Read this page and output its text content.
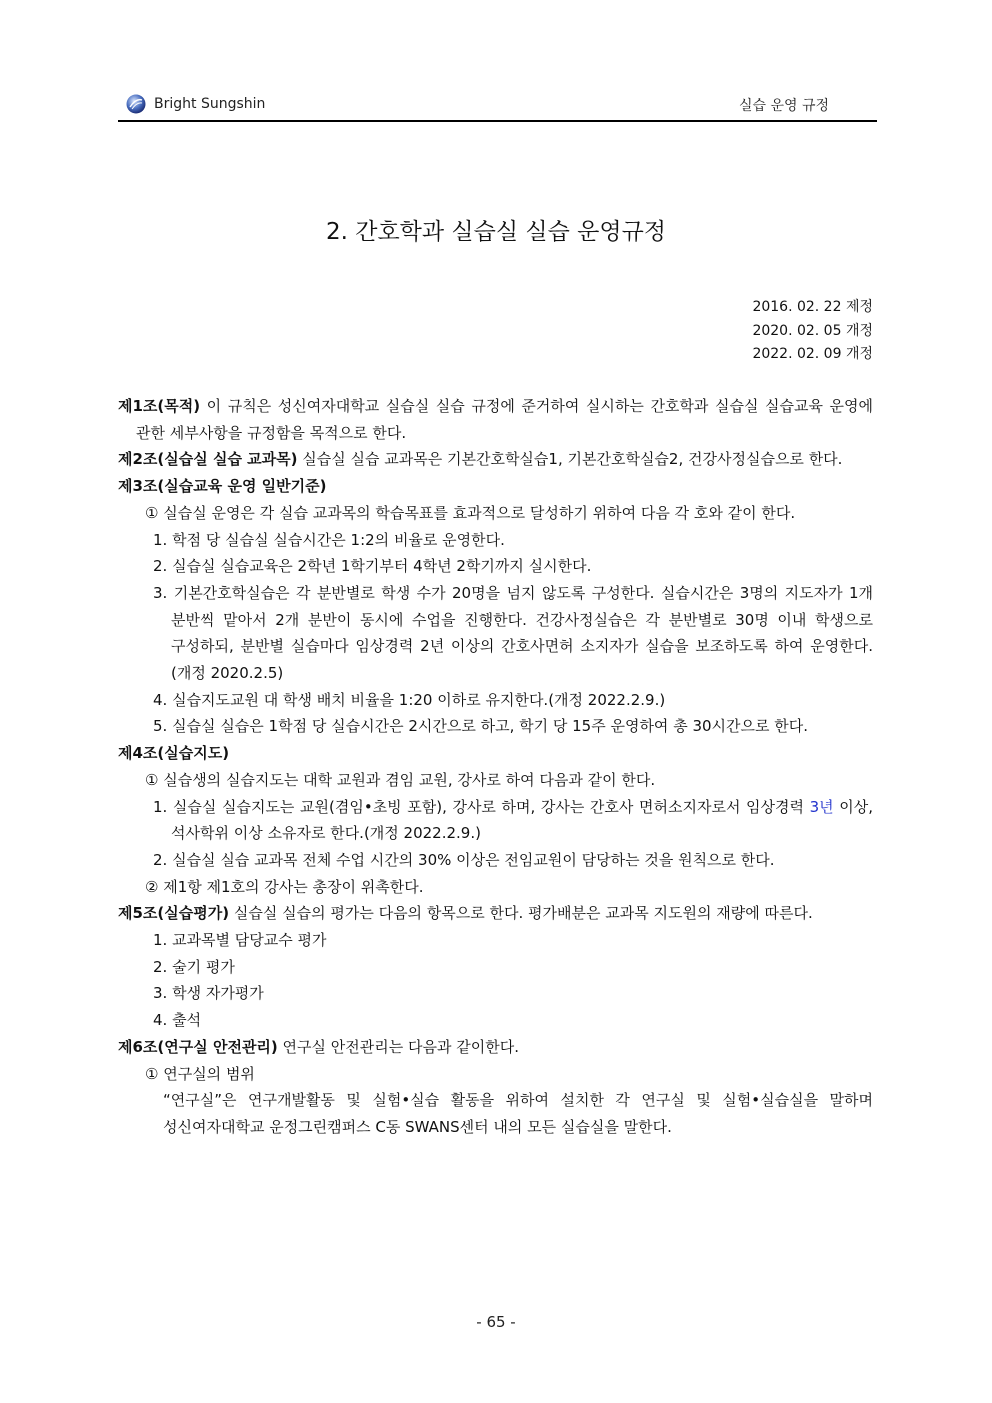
Bright Sungshin	실습 운영 규정
2. 간호학과 실습실 실습 운영규정
2016. 02. 22 제정
2020. 02. 05 개정
2022. 02. 09 개정
제1조(목적) 이 규칙은 성신여자대학교 실습실 실습 규정에 준거하여 실시하는 간호학과 실습실 실습교육 운영에 관한 세부사항을 규정함을 목적으로 한다.
제2조(실습실 실습 교과목) 실습실 실습 교과목은 기본간호학실습1, 기본간호학실습2, 건강사정실습으로 한다.
제3조(실습교육 운영 일반기준)
① 실습실 운영은 각 실습 교과목의 학습목표를 효과적으로 달성하기 위하여 다음 각 호와 같이 한다.
1. 학점 당 실습실 실습시간은 1:2의 비율로 운영한다.
2. 실습실 실습교육은 2학년 1학기부터 4학년 2학기까지 실시한다.
3. 기본간호학실습은 각 분반별로 학생 수가 20명을 넘지 않도록 구성한다. 실습시간은 3명의 지도자가 1개 분반씩 맡아서 2개 분반이 동시에 수업을 진행한다. 건강사정실습은 각 분반별로 30명 이내 학생으로 구성하되, 분반별 실습마다 임상경력 2년 이상의 간호사면허 소지자가 실습을 보조하도록 하여 운영한다.(개정 2020.2.5)
4. 실습지도교원 대 학생 배치 비율을 1:20 이하로 유지한다.(개정 2022.2.9.)
5. 실습실 실습은 1학점 당 실습시간은 2시간으로 하고, 학기 당 15주 운영하여 총 30시간으로 한다.
제4조(실습지도)
① 실습생의 실습지도는 대학 교원과 겸임 교원, 강사로 하여 다음과 같이 한다.
1. 실습실 실습지도는 교원(겸임•초빙 포함), 강사로 하며, 강사는 간호사 면허소지자로서 임상경력 3년 이상, 석사학위 이상 소유자로 한다.(개정 2022.2.9.)
2. 실습실 실습 교과목 전체 수업 시간의 30% 이상은 전임교원이 담당하는 것을 원칙으로 한다.
② 제1항 제1호의 강사는 총장이 위촉한다.
제5조(실습평가) 실습실 실습의 평가는 다음의 항목으로 한다. 평가배분은 교과목 지도원의 재량에 따른다.
1. 교과목별 담당교수 평가
2. 술기 평가
3. 학생 자가평가
4. 출석
제6조(연구실 안전관리) 연구실 안전관리는 다음과 같이한다.
① 연구실의 범위
“연구실”은 연구개발활동 및 실험•실습 활동을 위하여 설치한 각 연구실 및 실험•실습실을 말하며 성신여자대학교 운정그린캠퍼스 C동 SWANS센터 내의 모든 실습실을 말한다.
- 65 -
